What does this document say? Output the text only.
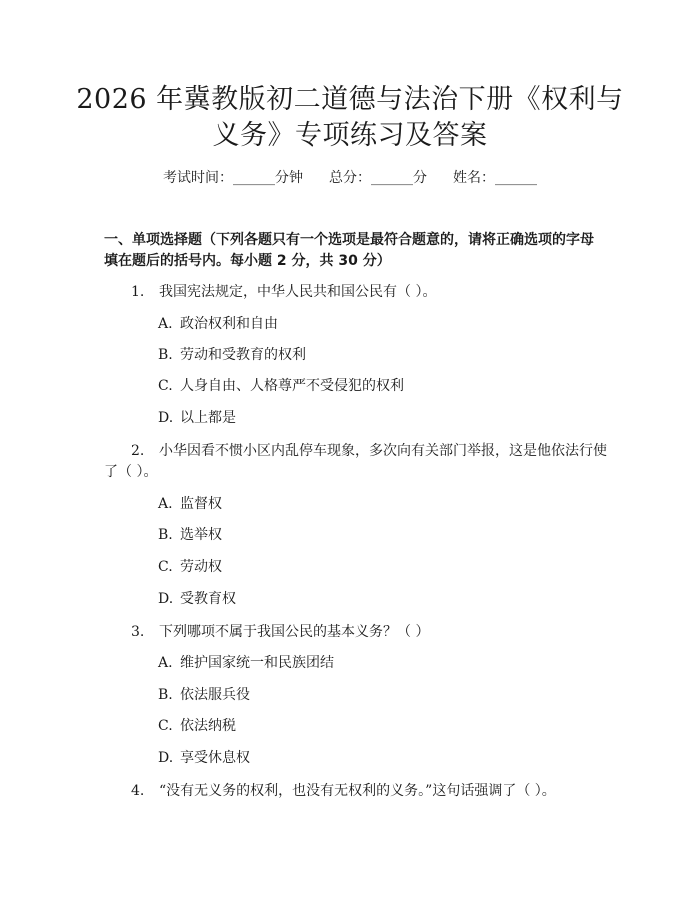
2026 年冀教版初二道德与法治下册《权利与
义务》专项练习及答案
考试时间：______分钟 总分：______分 姓名：______
一、单项选择题（下列各题只有一个选项是最符合题意的，请将正确选项的字母
填在题后的括号内。每小题 2 分，共 30 分）
1. 我国宪法规定，中华人民共和国公民有（ ）。
A. 政治权利和自由
B. 劳动和受教育的权利
C. 人身自由、人格尊严不受侵犯的权利
D. 以上都是
2. 小华因看不惯小区内乱停车现象，多次向有关部门举报，这是他依法行使
了（ ）。
A. 监督权
B. 选举权
C. 劳动权
D. 受教育权
3. 下列哪项不属于我国公民的基本义务？（ ）
A. 维护国家统一和民族团结
B. 依法服兵役
C. 依法纳税
D. 享受休息权
4. “没有无义务的权利，也没有无权利的义务。”这句话强调了（ ）。
